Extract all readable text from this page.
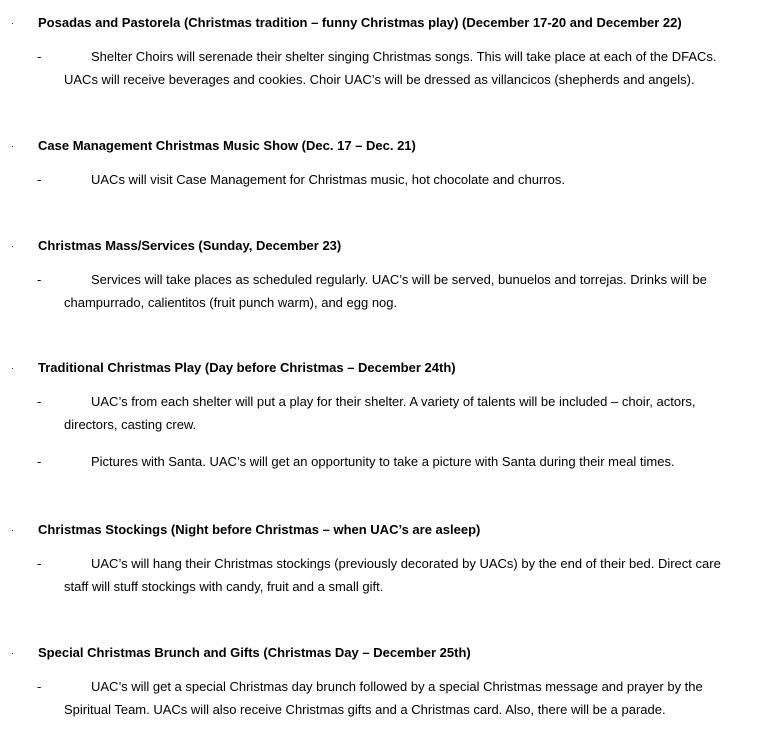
· Posadas and Pastorela (Christmas tradition – funny Christmas play) (December 17-20 and December 22)
-	Shelter Choirs will serenade their shelter singing Christmas songs. This will take place at each of the DFACs. UACs will receive beverages and cookies. Choir UAC’s will be dressed as villancicos (shepherds and angels).
· Case Management Christmas Music Show (Dec. 17 – Dec. 21)
-	UACs will visit Case Management for Christmas music, hot chocolate and churros.
· Christmas Mass/Services (Sunday, December 23)
-	Services will take places as scheduled regularly. UAC’s will be served, bunuelos and torrejas. Drinks will be champurrado, calientitos (fruit punch warm), and egg nog.
· Traditional Christmas Play (Day before Christmas – December 24th)
-	UAC’s from each shelter will put a play for their shelter. A variety of talents will be included – choir, actors, directors, casting crew.
-	Pictures with Santa. UAC’s will get an opportunity to take a picture with Santa during their meal times.
· Christmas Stockings (Night before Christmas – when UAC’s are asleep)
-	UAC’s will hang their Christmas stockings (previously decorated by UACs) by the end of their bed. Direct care staff will stuff stockings with candy, fruit and a small gift.
· Special Christmas Brunch and Gifts (Christmas Day – December 25th)
-	UAC’s will get a special Christmas day brunch followed by a special Christmas message and prayer by the Spiritual Team. UACs will also receive Christmas gifts and a Christmas card. Also, there will be a parade.
